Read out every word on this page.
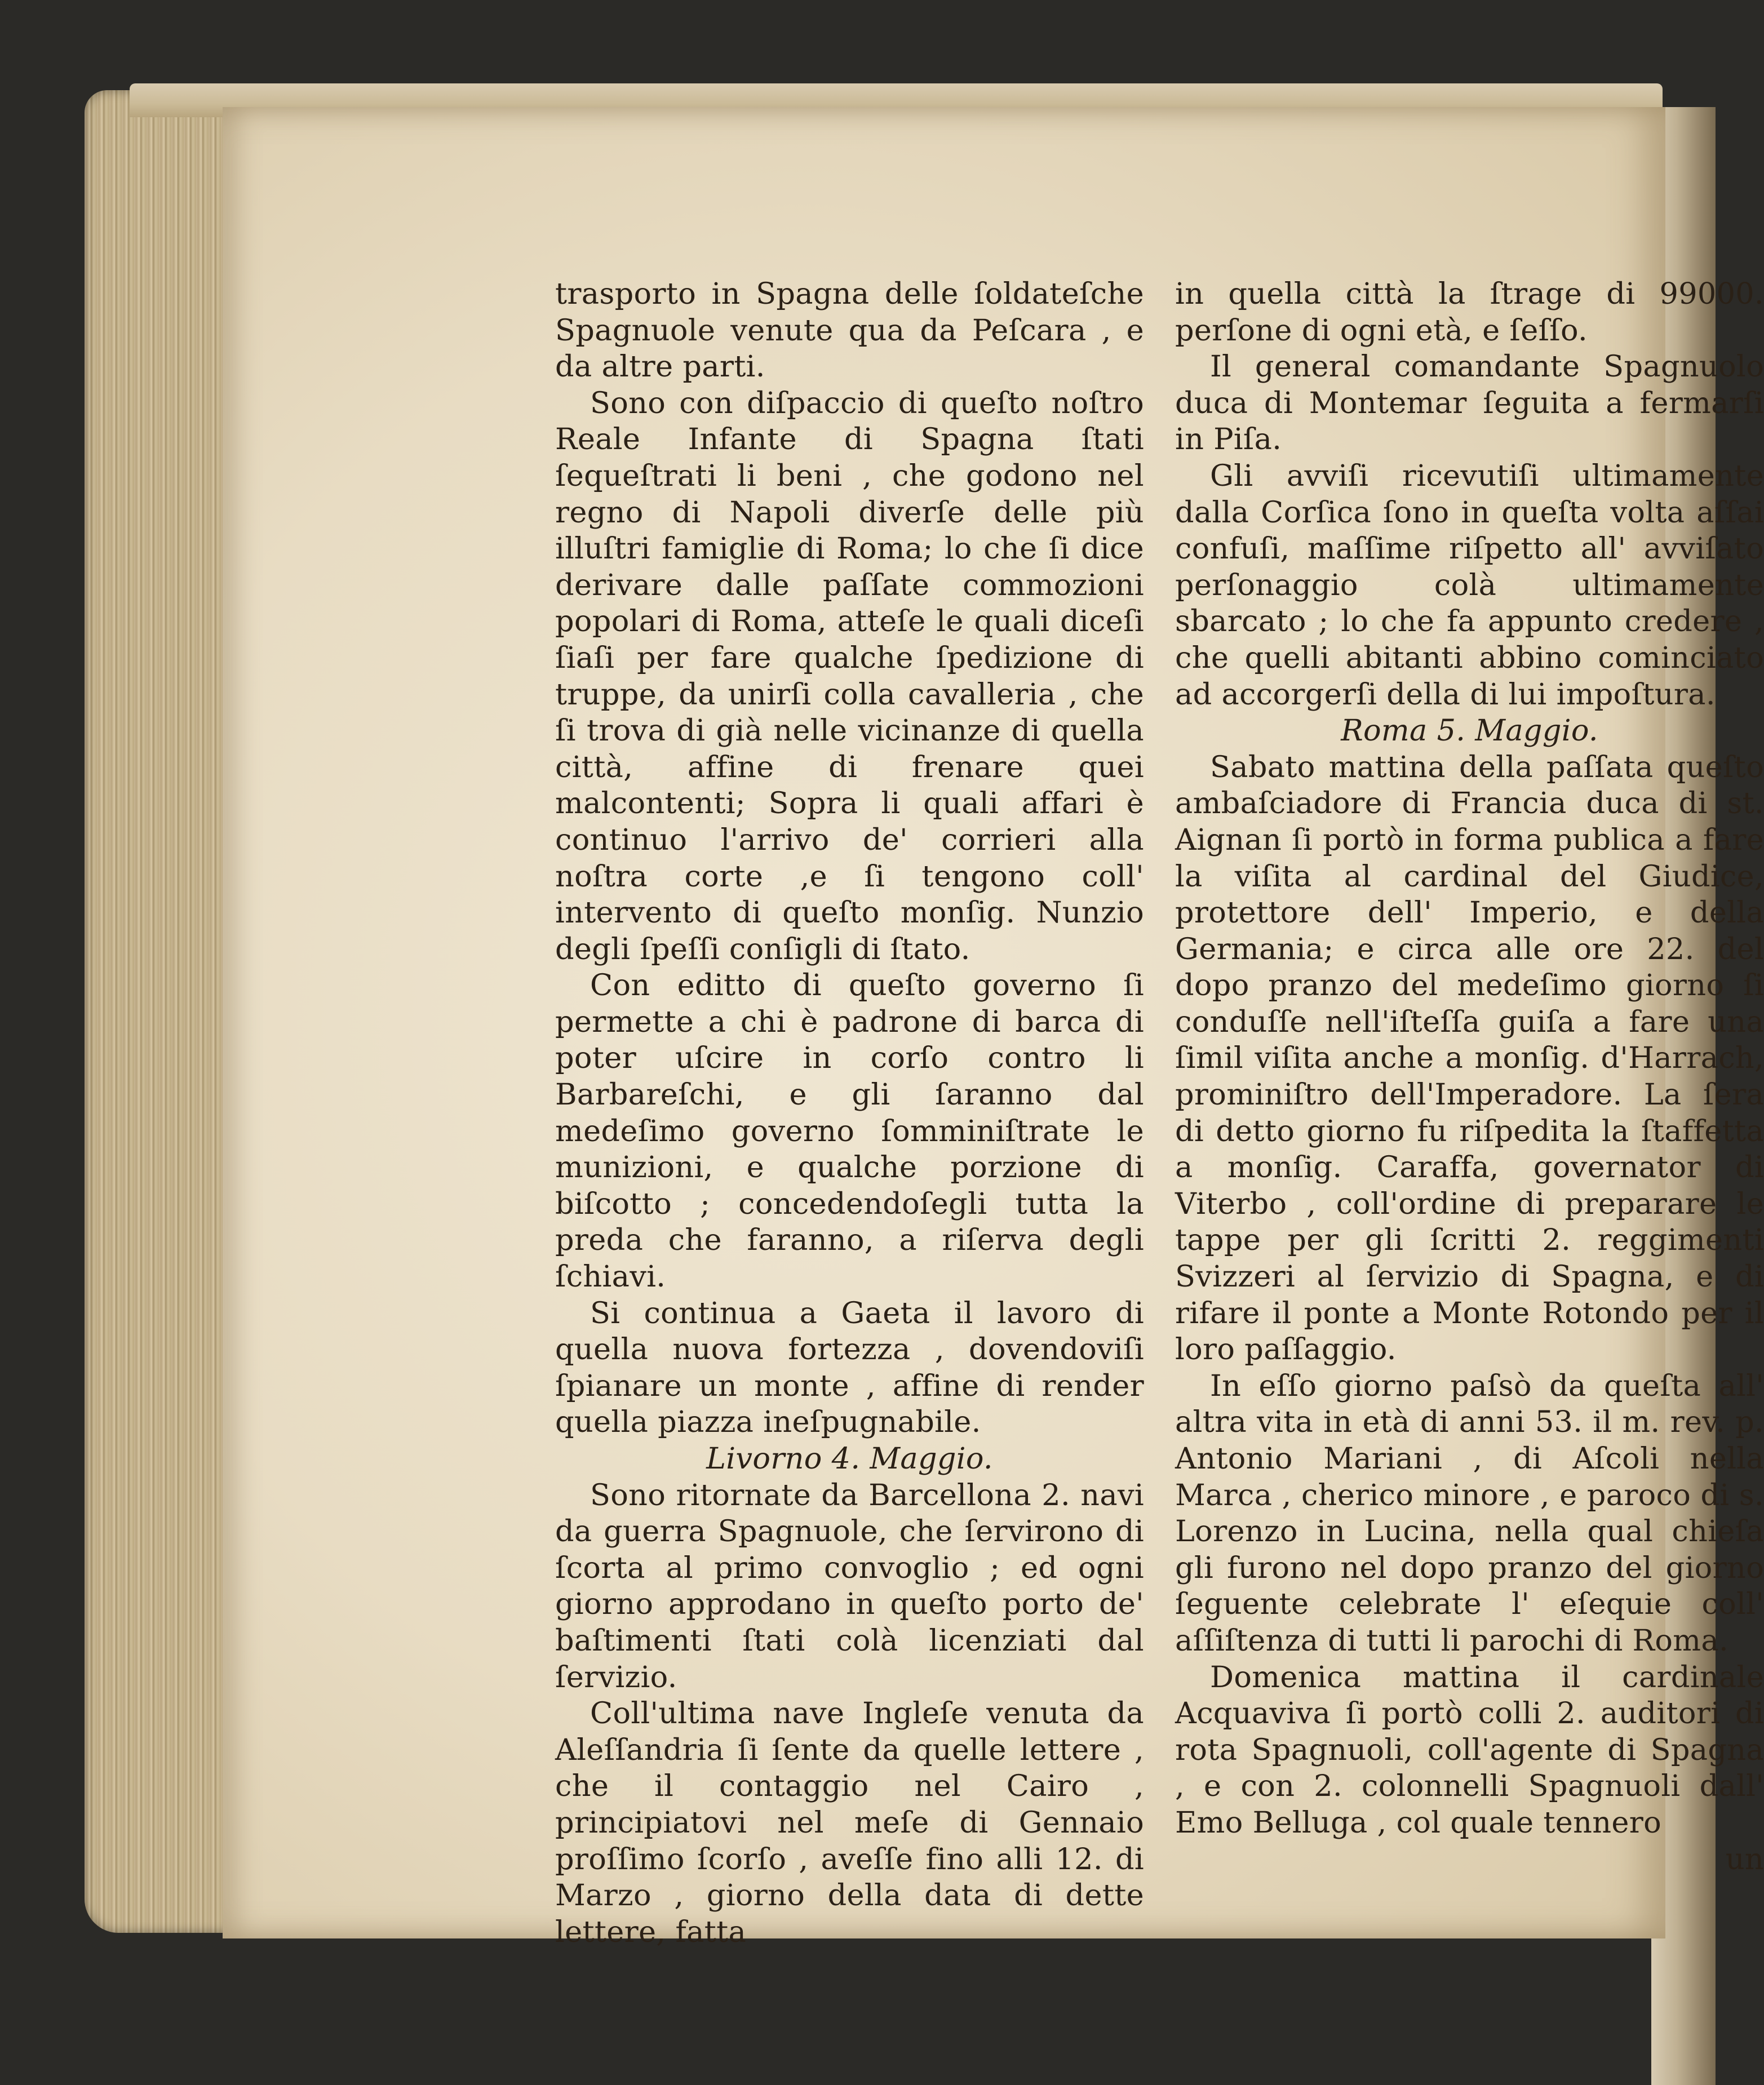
trasporto in Spagna delle ſoldateſche Spagnuole venute qua da Peſcara , e da altre parti.

Sono con diſpaccio di queſto noſtro Reale Infante di Spagna ſtati ſequeſtrati li beni , che godono nel regno di Napoli diverſe delle più illuſtri famiglie di Roma; lo che ſi dice derivare dalle paſſate commozioni popolari di Roma, atteſe le quali diceſi ſiaſi per fare qualche ſpedizione di truppe, da unirſi colla cavalleria , che ſi trova di già nelle vicinanze di quella città, affine di frenare quei malcontenti; Sopra li quali affari è continuo l'arrivo de' corrieri alla noſtra corte ,e ſi tengono coll' intervento di queſto monſig. Nunzio degli ſpeſſi conſigli di ſtato.

Con editto di queſto governo ſi permette a chi è padrone di barca di poter uſcire in corſo contro li Barbareſchi, e gli ſaranno dal medeſimo governo ſomminiſtrate le munizioni, e qualche porzione di biſcotto ; concedendoſegli tutta la preda che faranno, a riſerva degli ſchiavi.

Si continua a Gaeta il lavoro di quella nuova fortezza , dovendoviſi ſpianare un monte , affine di render quella piazza ineſpugnabile.

Livorno 4. Maggio.

Sono ritornate da Barcellona 2. navi da guerra Spagnuole, che ſervirono di ſcorta al primo convoglio ; ed ogni giorno approdano in queſto porto de' baſtimenti ſtati colà licenziati dal ſervizio.

Coll'ultima nave Ingleſe venuta da Aleſſandria ſi ſente da quelle lettere , che il contaggio nel Cairo , principiatovi nel meſe di Gennaio proſſimo ſcorſo , aveſſe fino alli 12. di Marzo , giorno della data di dette lettere, fatta

in quella città la ſtrage di 99000. perſone di ogni età, e ſeſſo.

Il general comandante Spagnuolo duca di Montemar ſeguita a fermarſi in Piſa.

Gli avviſi ricevutiſi ultimamente dalla Corſica ſono in queſta volta aſſai confuſi, maſſime riſpetto all' avviſato perſonaggio colà ultimamente sbarcato ; lo che fa appunto credere , che quelli abitanti abbino cominciato ad accorgerſi della di lui impoſtura.

Roma 5. Maggio.

Sabato mattina della paſſata queſto ambaſciadore di Francia duca di st. Aignan ſi portò in forma publica a fare la viſita al cardinal del Giudice, protettore dell' Imperio, e della Germania; e circa alle ore 22. del dopo pranzo del medeſimo giorno ſi conduſſe nell'iſteſſa guiſa a fare una ſimil viſita anche a monſig. d'Harrach, prominiſtro dell'Imperadore. La ſera di detto giorno fu riſpedita la ſtaffetta a monſig. Caraffa, governator di Viterbo , coll'ordine di preparare le tappe per gli ſcritti 2. reggimenti Svizzeri al ſervizio di Spagna, e di rifare il ponte a Monte Rotondo per il loro paſſaggio.

In eſſo giorno paſsò da queſta all' altra vita in età di anni 53. il m. rev. p. Antonio Mariani , di Aſcoli nella Marca , cherico minore , e paroco di s. Lorenzo in Lucina, nella qual chieſa gli furono nel dopo pranzo del giorno ſeguente celebrate l' eſequie coll' aſſiſtenza di tutti li parochi di Roma.

Domenica mattina il cardinale Acquaviva ſi portò colli 2. auditori di rota Spagnuoli, coll'agente di Spagna , e con 2. colonnelli Spagnuoli dall' Emo Belluga , col quale tennero

un
